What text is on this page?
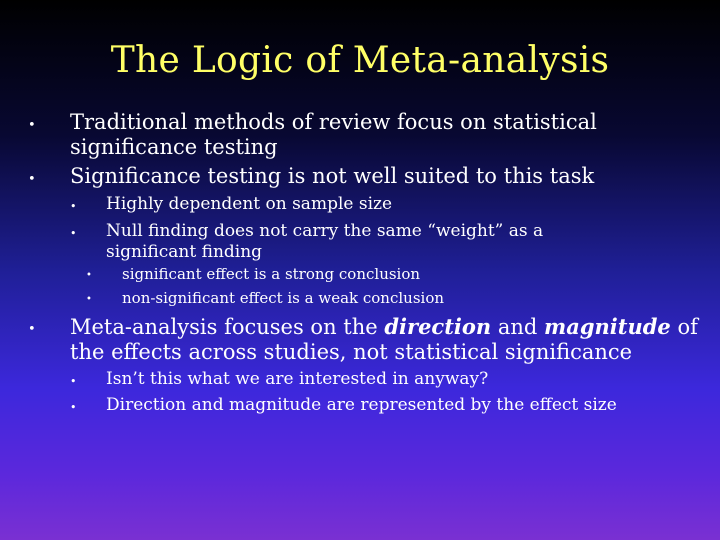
The Logic of Meta-analysis
• Traditional methods of review focus on statistical significance testing
• Significance testing is not well suited to this task
• Highly dependent on sample size
• Null finding does not carry the same “weight” as a significant finding
• significant effect is a strong conclusion
• non-significant effect is a weak conclusion
• Meta-analysis focuses on the direction and magnitude of the effects across studies, not statistical significance
• Isn’t this what we are interested in anyway?
• Direction and magnitude are represented by the effect size
